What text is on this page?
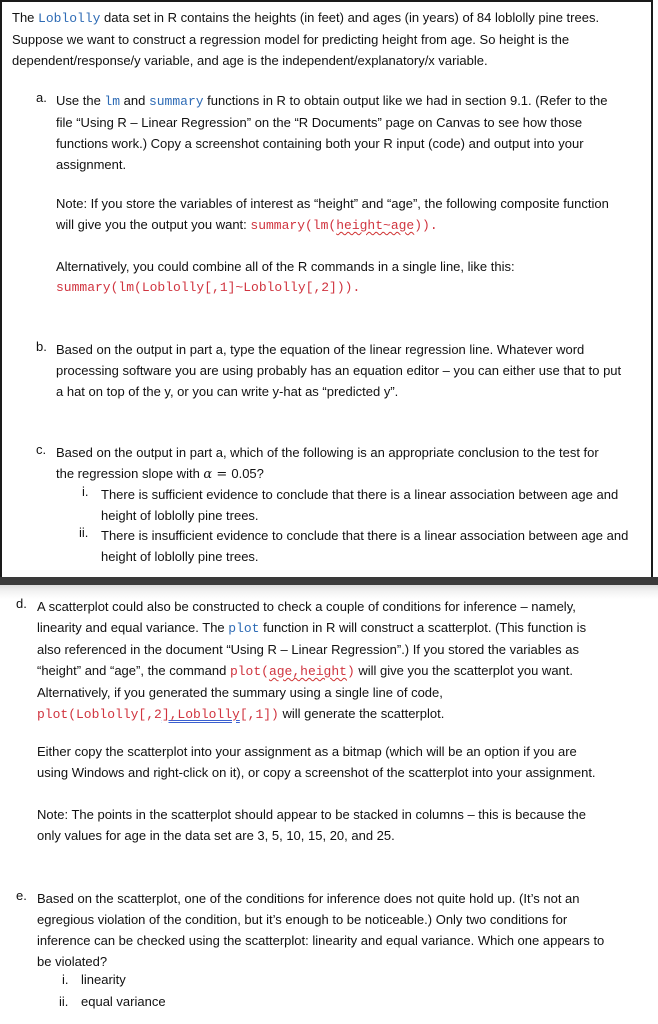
The Loblolly data set in R contains the heights (in feet) and ages (in years) of 84 loblolly pine trees.

Suppose we want to construct a regression model for predicting height from age. So height is the

dependent/response/y variable, and age is the independent/explanatory/x variable.

a. Use the lm and summary functions in R to obtain output like we had in section 9.1. (Refer to the

file “Using R – Linear Regression” on the “R Documents” page on Canvas to see how those

functions work.) Copy a screenshot containing both your R input (code) and output into your

assignment.

Note: If you store the variables of interest as “height” and “age”, the following composite function

will give you the output you want: summary(lm(height~age)).

Alternatively, you could combine all of the R commands in a single line, like this:

summary(lm(Loblolly[,1]~Loblolly[,2])).

b. Based on the output in part a, type the equation of the linear regression line. Whatever word

processing software you are using probably has an equation editor – you can either use that to put

a hat on top of the y, or you can write y-hat as “predicted y”.

c. Based on the output in part a, which of the following is an appropriate conclusion to the test for

the regression slope with α = 0.05?

i. There is sufficient evidence to conclude that there is a linear association between age and

height of loblolly pine trees.

ii. There is insufficient evidence to conclude that there is a linear association between age and

height of loblolly pine trees.

d. A scatterplot could also be constructed to check a couple of conditions for inference – namely,

linearity and equal variance. The plot function in R will construct a scatterplot. (This function is

also referenced in the document “Using R – Linear Regression”.) If you stored the variables as

“height” and “age”, the command plot(age,height) will give you the scatterplot you want.

Alternatively, if you generated the summary using a single line of code,

plot(Loblolly[,2],Loblolly[,1]) will generate the scatterplot.

Either copy the scatterplot into your assignment as a bitmap (which will be an option if you are

using Windows and right-click on it), or copy a screenshot of the scatterplot into your assignment.

Note: The points in the scatterplot should appear to be stacked in columns – this is because the

only values for age in the data set are 3, 5, 10, 15, 20, and 25.

e. Based on the scatterplot, one of the conditions for inference does not quite hold up. (It’s not an

egregious violation of the condition, but it’s enough to be noticeable.) Only two conditions for

inference can be checked using the scatterplot: linearity and equal variance. Which one appears to

be violated?

i. linearity
ii. equal variance
